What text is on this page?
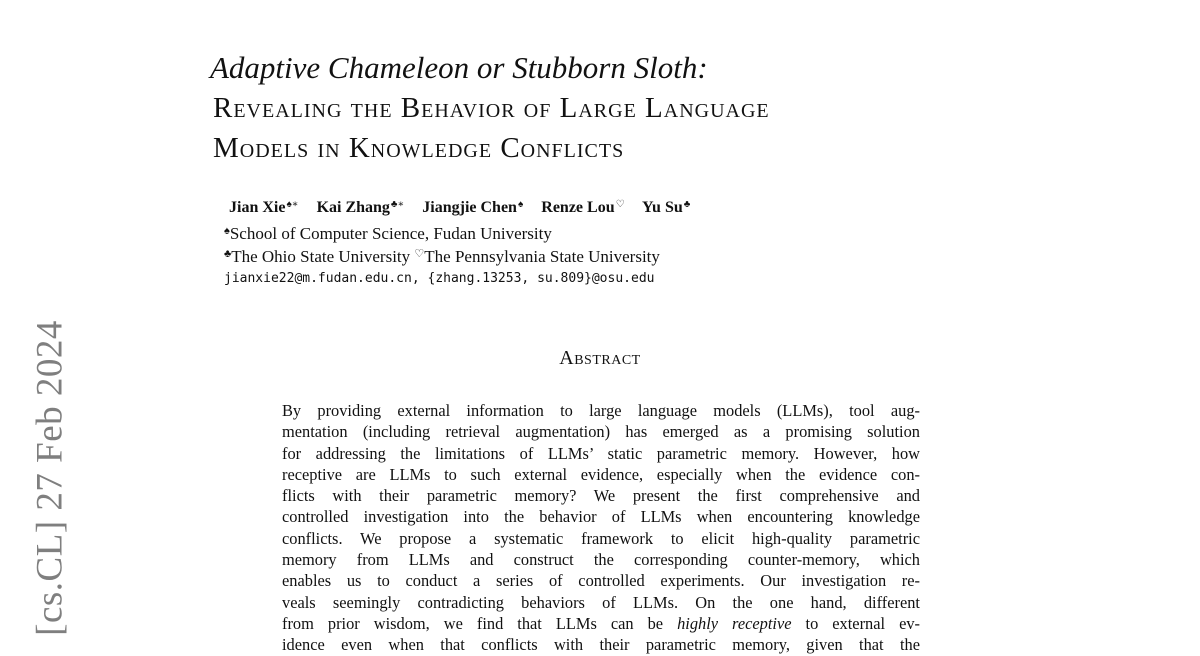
[cs.CL] 27 Feb 2024
Adaptive Chameleon or Stubborn Sloth:
Revealing the Behavior of Large Language
Models in Knowledge Conflicts
Jian Xie♠∗ Kai Zhang♣∗ Jiangjie Chen♠ Renze Lou♡ Yu Su♣
♠School of Computer Science, Fudan University
♣The Ohio State University ♡The Pennsylvania State University
jianxie22@m.fudan.edu.cn, {zhang.13253, su.809}@osu.edu
Abstract
By providing external information to large language models (LLMs), tool aug-
mentation (including retrieval augmentation) has emerged as a promising solution
for addressing the limitations of LLMs’ static parametric memory. However, how
receptive are LLMs to such external evidence, especially when the evidence con-
flicts with their parametric memory? We present the first comprehensive and
controlled investigation into the behavior of LLMs when encountering knowledge
conflicts. We propose a systematic framework to elicit high-quality parametric
memory from LLMs and construct the corresponding counter-memory, which
enables us to conduct a series of controlled experiments. Our investigation re-
veals seemingly contradicting behaviors of LLMs. On the one hand, different
from prior wisdom, we find that LLMs can be highly receptive to external ev-
idence even when that conflicts with their parametric memory, given that the
